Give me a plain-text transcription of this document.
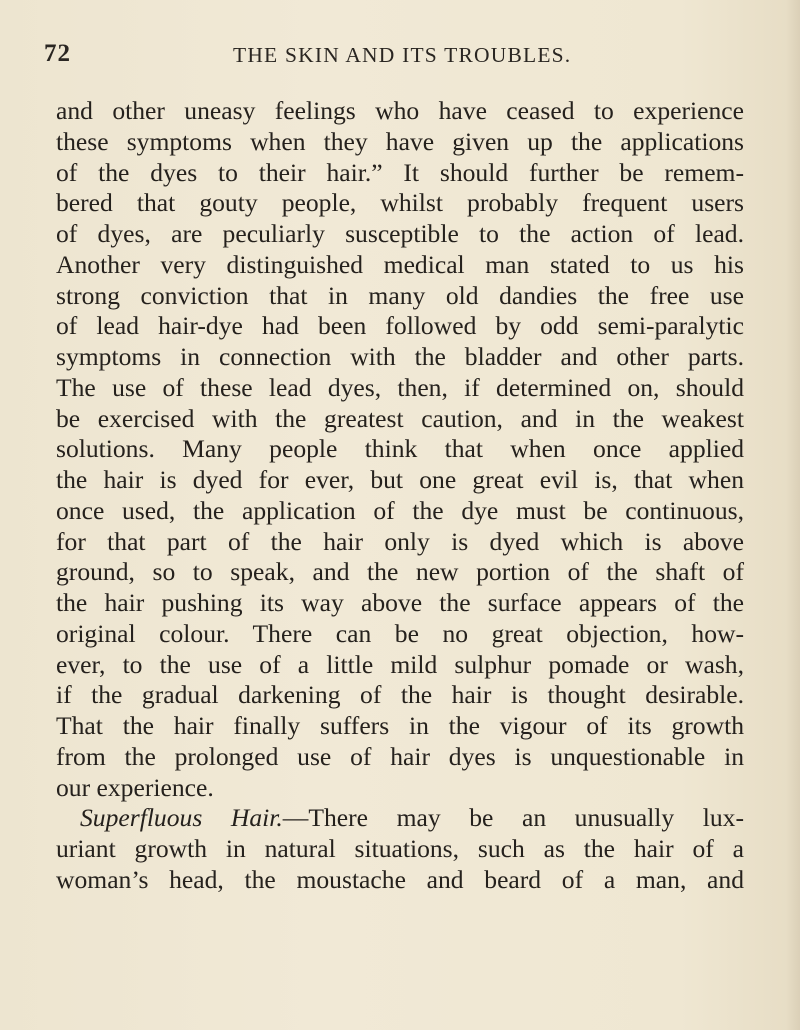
72	THE SKIN AND ITS TROUBLES.
and other uneasy feelings who have ceased to experience
these symptoms when they have given up the applications
of the dyes to their hair.” It should further be remem-
bered that gouty people, whilst probably frequent users
of dyes, are peculiarly susceptible to the action of lead.
Another very distinguished medical man stated to us his
strong conviction that in many old dandies the free use
of lead hair-dye had been followed by odd semi-paralytic
symptoms in connection with the bladder and other parts.
The use of these lead dyes, then, if determined on, should
be exercised with the greatest caution, and in the weakest
solutions. Many people think that when once applied
the hair is dyed for ever, but one great evil is, that when
once used, the application of the dye must be continuous,
for that part of the hair only is dyed which is above
ground, so to speak, and the new portion of the shaft of
the hair pushing its way above the surface appears of the
original colour. There can be no great objection, how-
ever, to the use of a little mild sulphur pomade or wash,
if the gradual darkening of the hair is thought desirable.
That the hair finally suffers in the vigour of its growth
from the prolonged use of hair dyes is unquestionable in
our experience.
Superfluous Hair.—There may be an unusually lux-
uriant growth in natural situations, such as the hair of a
woman’s head, the moustache and beard of a man, and
